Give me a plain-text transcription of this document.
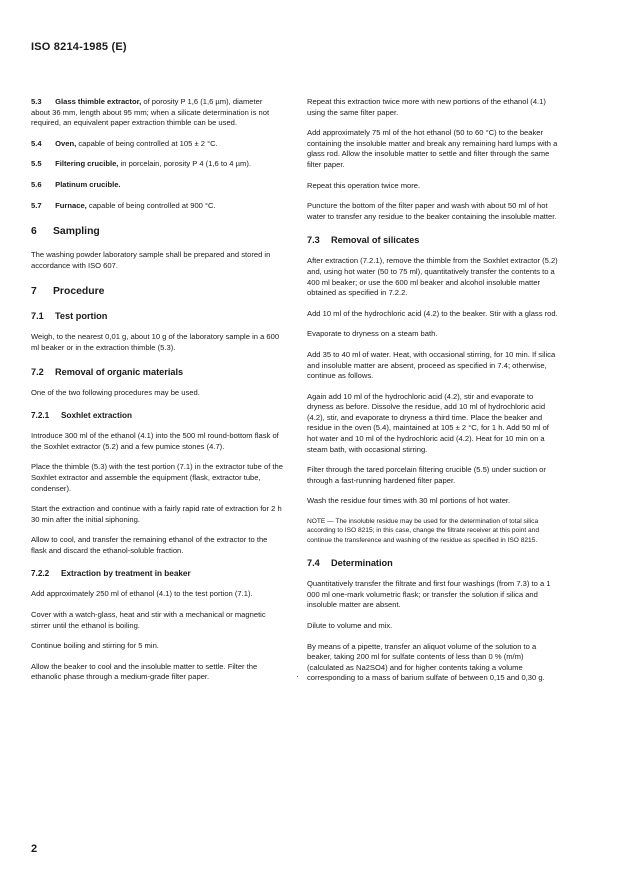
ISO 8214-1985 (E)

5.3 Glass thimble extractor, of porosity P 1,6 (1,6 µm), diameter about 36 mm, length about 95 mm; when a silicate determination is not required, an equivalent paper extraction thimble can be used.

5.4 Oven, capable of being controlled at 105 ± 2 °C.

5.5 Filtering crucible, in porcelain, porosity P 4 (1,6 to 4 µm).

5.6 Platinum crucible.

5.7 Furnace, capable of being controlled at 900 °C.

6 Sampling

The washing powder laboratory sample shall be prepared and stored in accordance with ISO 607.

7 Procedure
7.1 Test portion

Weigh, to the nearest 0,01 g, about 10 g of the laboratory sample in a 600 ml beaker or in the extraction thimble (5.3).

7.2 Removal of organic materials

One of the two following procedures may be used.

7.2.1 Soxhlet extraction

Introduce 300 ml of the ethanol (4.1) into the 500 ml round-bottom flask of the Soxhlet extractor (5.2) and a few pumice stones (4.7).

Place the thimble (5.3) with the test portion (7.1) in the extractor tube of the Soxhlet extractor and assemble the equipment (flask, extractor tube, condenser).

Start the extraction and continue with a fairly rapid rate of extraction for 2 h 30 min after the initial siphoning.

Allow to cool, and transfer the remaining ethanol of the extractor to the flask and discard the ethanol-soluble fraction.

7.2.2 Extraction by treatment in beaker

Add approximately 250 ml of ethanol (4.1) to the test portion (7.1).

Cover with a watch-glass, heat and stir with a mechanical or magnetic stirrer until the ethanol is boiling.

Continue boiling and stirring for 5 min.

Allow the beaker to cool and the insoluble matter to settle. Filter the ethanolic phase through a medium-grade filter paper.

Repeat this extraction twice more with new portions of the ethanol (4.1) using the same filter paper.

Add approximately 75 ml of the hot ethanol (50 to 60 °C) to the beaker containing the insoluble matter and break any remaining hard lumps with a glass rod. Allow the insoluble matter to settle and filter through the same filter paper.

Repeat this operation twice more.

Puncture the bottom of the filter paper and wash with about 50 ml of hot water to transfer any residue to the beaker containing the insoluble matter.

7.3 Removal of silicates

After extraction (7.2.1), remove the thimble from the Soxhlet extractor (5.2) and, using hot water (50 to 75 ml), quantitatively transfer the contents to a 400 ml beaker; or use the 600 ml beaker and alcohol insoluble matter obtained as specified in 7.2.2.

Add 10 ml of the hydrochloric acid (4.2) to the beaker. Stir with a glass rod.

Evaporate to dryness on a steam bath.

Add 35 to 40 ml of water. Heat, with occasional stirring, for 10 min. If silica and insoluble matter are absent, proceed as specified in 7.4; otherwise, continue as follows.

Again add 10 ml of the hydrochloric acid (4.2), stir and evaporate to dryness as before. Dissolve the residue, add 10 ml of hydrochloric acid (4.2), stir, and evaporate to dryness a third time. Place the beaker and residue in the oven (5.4), maintained at 105 ± 2 °C, for 1 h. Add 50 ml of hot water and 10 ml of the hydrochloric acid (4.2). Heat for 10 min on a steam bath, with occasional stirring.

Filter through the tared porcelain filtering crucible (5.5) under suction or through a fast-running hardened filter paper.

Wash the residue four times with 30 ml portions of hot water.

NOTE — The insoluble residue may be used for the determination of total silica according to ISO 8215; in this case, change the filtrate receiver at this point and continue the transference and washing of the residue as specified in ISO 8215.

7.4 Determination

Quantitatively transfer the filtrate and first four washings (from 7.3) to a 1 000 ml one-mark volumetric flask; or transfer the solution if silica and insoluble matter are absent.

Dilute to volume and mix.

By means of a pipette, transfer an aliquot volume of the solution to a beaker, taking 200 ml for sulfate contents of less than 0 % (m/m) (calculated as Na2SO4) and for higher contents taking a volume corresponding to a mass of barium sulfate of between 0,15 and 0,30 g.

·
2
